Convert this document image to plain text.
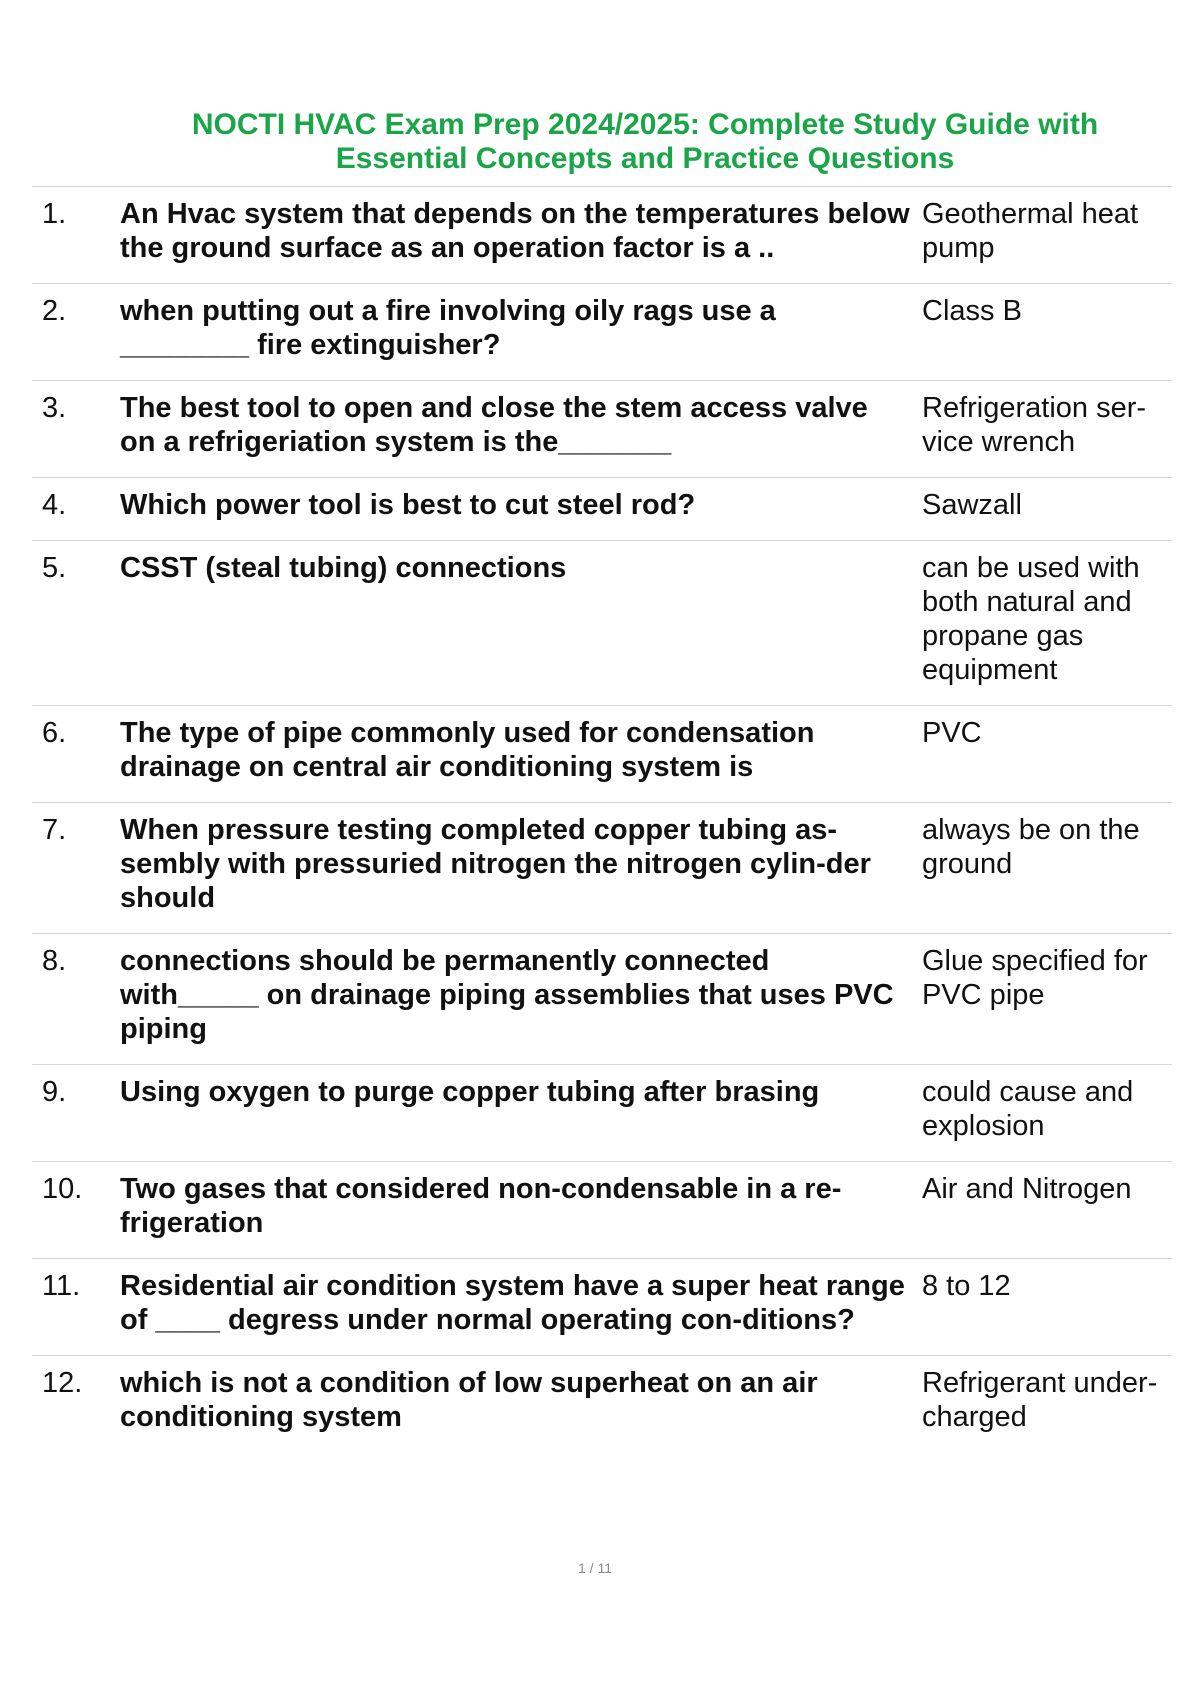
NOCTI HVAC Exam Prep 2024/2025: Complete Study Guide with
Essential Concepts and Practice Questions
1.	An Hvac system that depends on the temperatures below the ground surface as an operation factor is a ..	Geothermal heat pump
2.	when putting out a fire involving oily rags use a ________ fire extinguisher?	Class B
3.	The best tool to open and close the stem access valve on a refrigeriation system is the_______	Refrigeration ser-vice wrench
4.	Which power tool is best to cut steel rod?	Sawzall
5.	CSST (steal tubing) connections	can be used with both natural and propane gas equipment
6.	The type of pipe commonly used for condensation drainage on central air conditioning system is	PVC
7.	When pressure testing completed copper tubing as-sembly with pressuried nitrogen the nitrogen cylin-der should	always be on the ground
8.	connections should be permanently connected with_____ on drainage piping assemblies that uses PVC piping	Glue specified for PVC pipe
9.	Using oxygen to purge copper tubing after brasing	could cause and explosion
10.	Two gases that considered non-condensable in a re-frigeration	Air and Nitrogen
11.	Residential air condition system have a super heat range of ____ degress under normal operating con-ditions?	8 to 12
12.	which is not a condition of low superheat on an air conditioning system	Refrigerant under-charged
1 / 11
